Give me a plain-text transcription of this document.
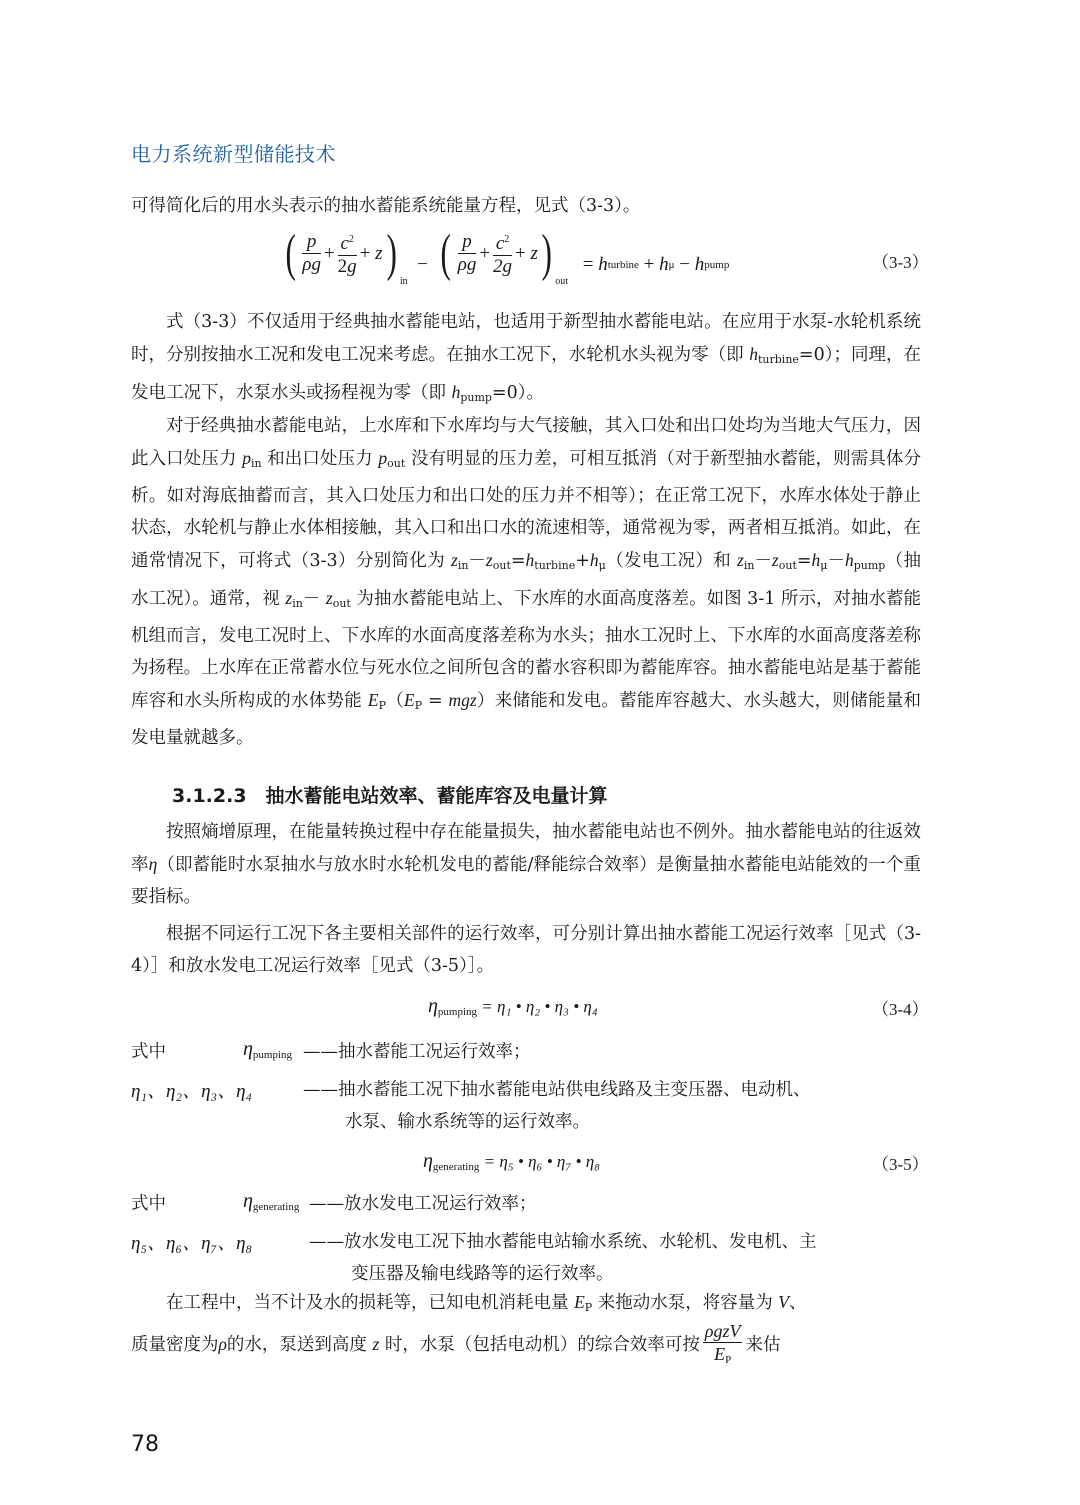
电力系统新型储能技术
可得简化后的用水头表示的抽水蓄能系统能量方程，见式（3-3）。
( $\frac{p}{\rho g} + \frac{c^2}{2g}$ +
z ) in
− ( $\frac{p}{\rho g} + \frac{c^2}{2g}$ +
z ) out

= h turbine + h μ − h pump	（3-3）
式（3-3）不仅适用于经典抽水蓄能电站，也适用于新型抽水蓄能电站。在应用于水泵-水轮机系统时，分别按抽水工况和发电工况来考虑。在抽水工况下，水轮机水头视为零（即 $h_{turbine}=0$）；同理，在发电工况下，水泵水头或扬程视为零（即 $h_{pump}=0$）。
对于经典抽水蓄能电站，上水库和下水库均与大气接触，其入口处和出口处均为当地大气压力，因此入口处压力 $p_{in}$ 和出口处压力 $p_{out}$ 没有明显的压力差，可相互抵消（对于新型抽水蓄能，则需具体分析。如对海底抽蓄而言，其入口处压力和出口处的压力并不相等）；在正常工况下，水库水体处于静止状态，水轮机与静止水体相接触，其入口和出口水的流速相等，通常视为零，两者相互抵消。如此，在通常情况下，可将式（3-3）分别简化为 $z_{in}-z_{out}=h_{turbine}+h_\mu$（发电工况）和 $z_{in}-z_{out}=h_\mu-h_{pump}$（抽水工况）。通常，视 $z_{in}- z_{out}$ 为抽水蓄能电站上、下水库的水面高度落差。如图 3-1 所示，对抽水蓄能机组而言，发电工况时上、下水库的水面高度落差称为水头；抽水工况时上、下水库的水面高度落差称为扬程。上水库在正常蓄水位与死水位之间所包含的蓄水容积即为蓄能库容。抽水蓄能电站是基于蓄能库容和水头所构成的水体势能 $E_P(E_P = mgz)$来储能和发电。蓄能库容越大、水头越大，则储能量和发电量就越多。
3.1.2.3　抽水蓄能电站效率、蓄能库容及电量计算
按照熵增原理，在能量转换过程中存在能量损失，抽水蓄能电站也不例外。抽水蓄能电站的往返效率η（即蓄能时水泵抽水与放水时水轮机发电的蓄能/释能综合效率）是衡量抽水蓄能电站能效的一个重要指标。
根据不同运行工况下各主要相关部件的运行效率，可分别计算出抽水蓄能工况运行效率［见式（3-4）］和放水发电工况运行效率［见式（3-5）］。
$\eta_{pumping} = \eta_1$ • η₂ • η₃ • η₄	（3-4）
式中	$\eta_{pumping}$ ——抽水蓄能工况运行效率；
η₁、η₂、η₃、η₄	——抽水蓄能工况下抽水蓄能电站供电线路及主变压器、电动机、
水泵、输水系统等的运行效率。
$\eta_{generating} = \eta_5$ • η₆ • η₇ • η₈	（3-5）
式中	$\eta_{generating}$ ——放水发电工况运行效率；
η₅、η₆、η₇、η₈	——放水发电工况下抽水蓄能电站输水系统、水轮机、发电机、主
变压器及输电线路等的运行效率。
在工程中，当不计及水的损耗等，已知电机消耗电量 $E_P$ 来拖动水泵，将容量为 V、
质量密度为ρ的水，泵送到高度 z 时，水泵（包括电动机）的综合效率可按 $\frac{\text{ρgzV}}{E_P}$ 来估
78
